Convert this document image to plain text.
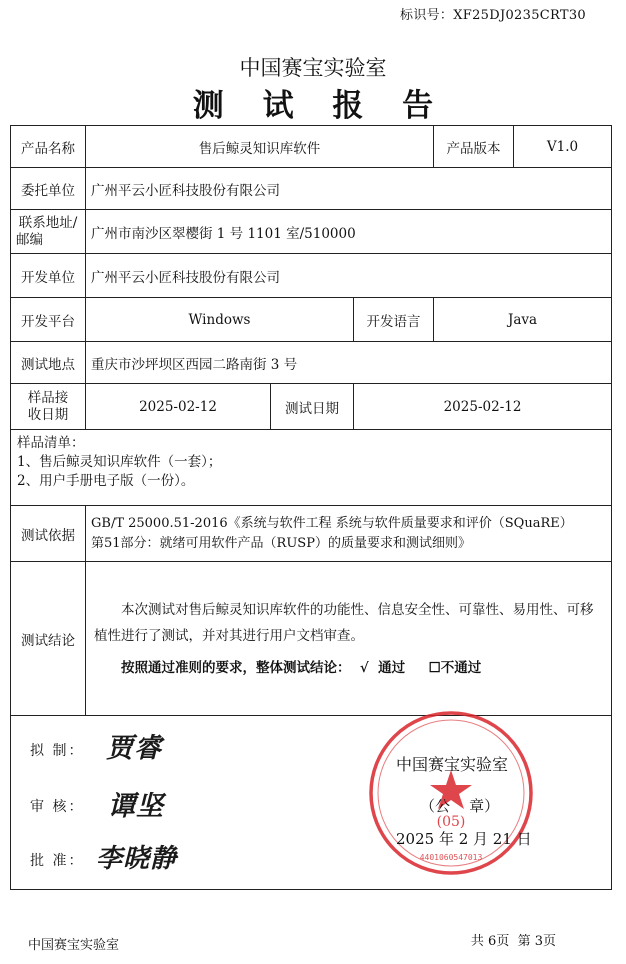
标识号：XF25DJ0235CRT30
中国赛宝实验室
测 试 报 告
产品名称	售后鲸灵知识库软件			产品版本	V1.0
委托单位	广州平云小匠科技股份有限公司				

联系地址/
邮编	广州市南沙区翠樱街 1 号 1101 室/510000				
开发单位	广州平云小匠科技股份有限公司				
开发平台	Windows		开发语言	Java	
测试地点	重庆市沙坪坝区西园二路南街 3 号				

样品接
收日期	2025-02-12	测试日期	2025-02-12		

样品清单：
1、售后鲸灵知识库软件（一套）；
2、用户手册电子版（一份）。					

测试依据	GB/T 25000.51-2016《系统与软件工程 系统与软件质量要求和评价（SQuaRE）
第51部分：就绪可用软件产品（RUSP）的质量要求和测试细则》				

测试结论	本次测试对售后鲸灵知识库软件的功能性、信息安全性、可靠性、易用性、可移植性进行了测试，并对其进行用户文档审查。

按照通过准则的要求，整体测试结论：  √  通过     ☐不通过				

拟 制： 贾睿
审 核： 谭坚
批 准： 李晓静
(05)
4401060547013
中国赛宝实验室
（公    章）
2025 年 2 月 21 日
中国赛宝实验室	共 6页  第 3页
